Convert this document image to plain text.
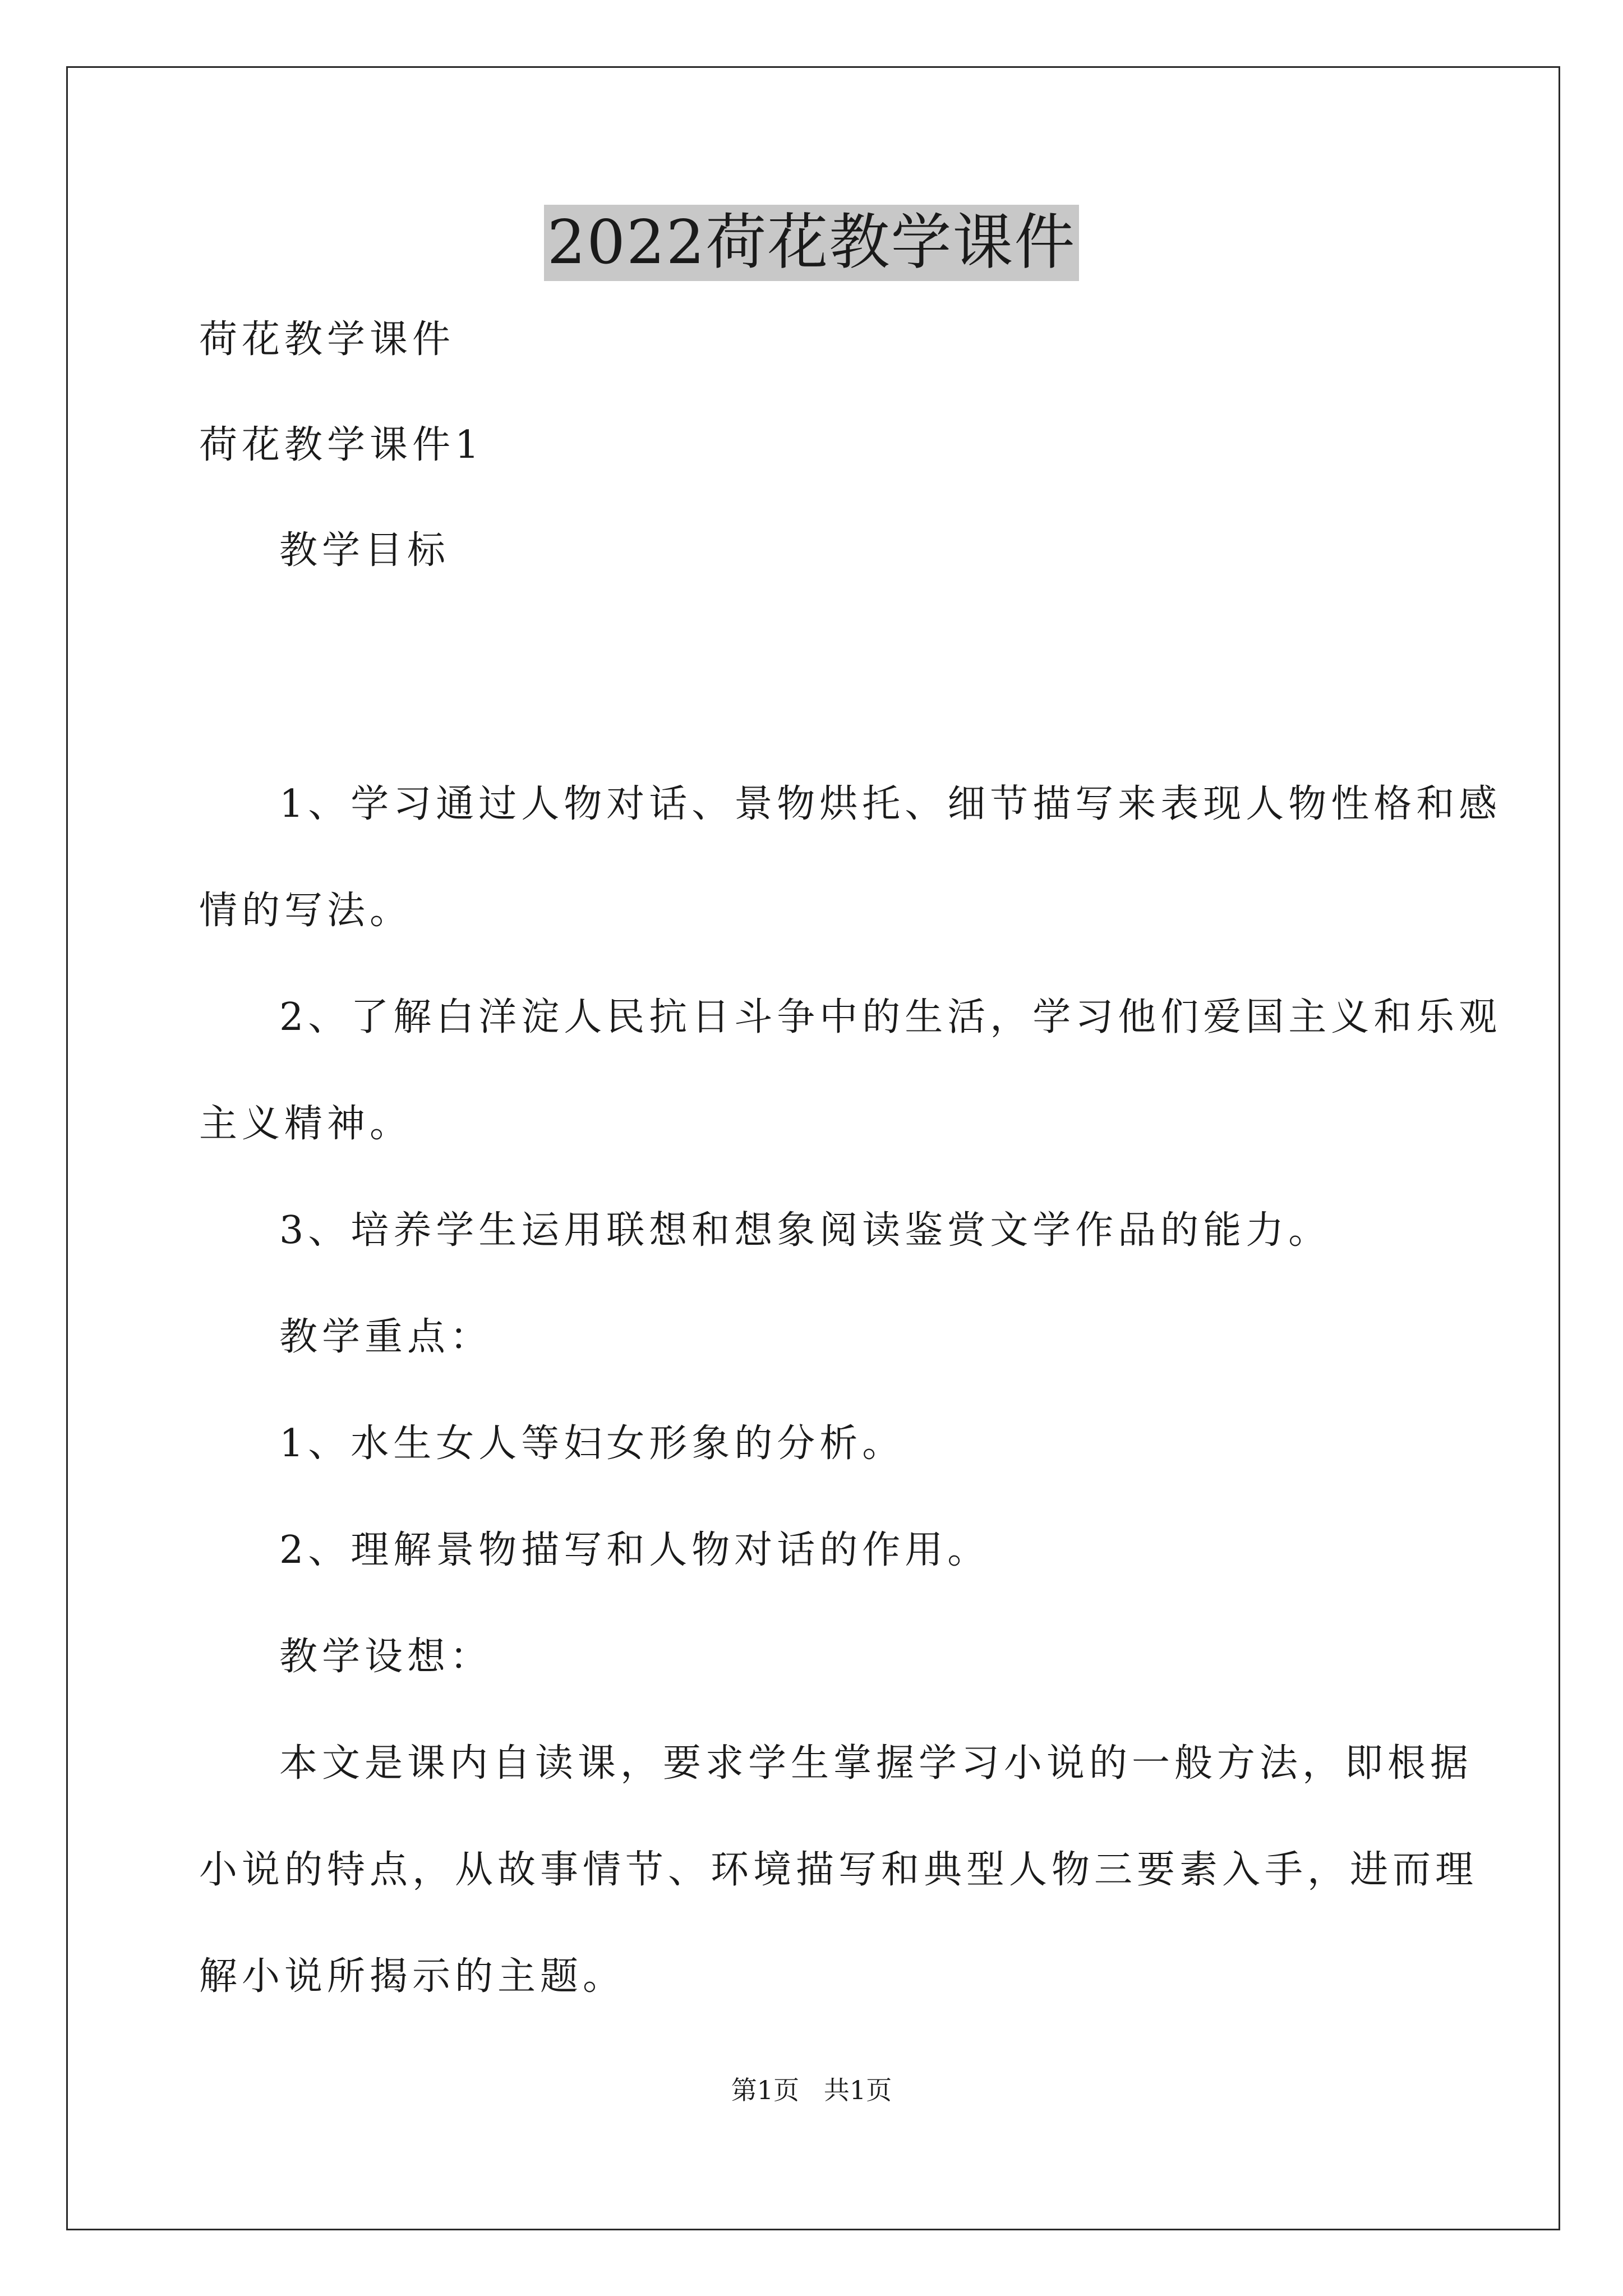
2022荷花教学课件
荷花教学课件
荷花教学课件1
教学目标
1、学习通过人物对话、景物烘托、细节描写来表现人物性格和感
情的写法。
2、了解白洋淀人民抗日斗争中的生活，学习他们爱国主义和乐观
主义精神。
3、培养学生运用联想和想象阅读鉴赏文学作品的能力。
教学重点：
1、水生女人等妇女形象的分析。
2、理解景物描写和人物对话的作用。
教学设想：
本文是课内自读课，要求学生掌握学习小说的一般方法，即根据
小说的特点，从故事情节、环境描写和典型人物三要素入手，进而理
解小说所揭示的主题。
第1页   共1页
